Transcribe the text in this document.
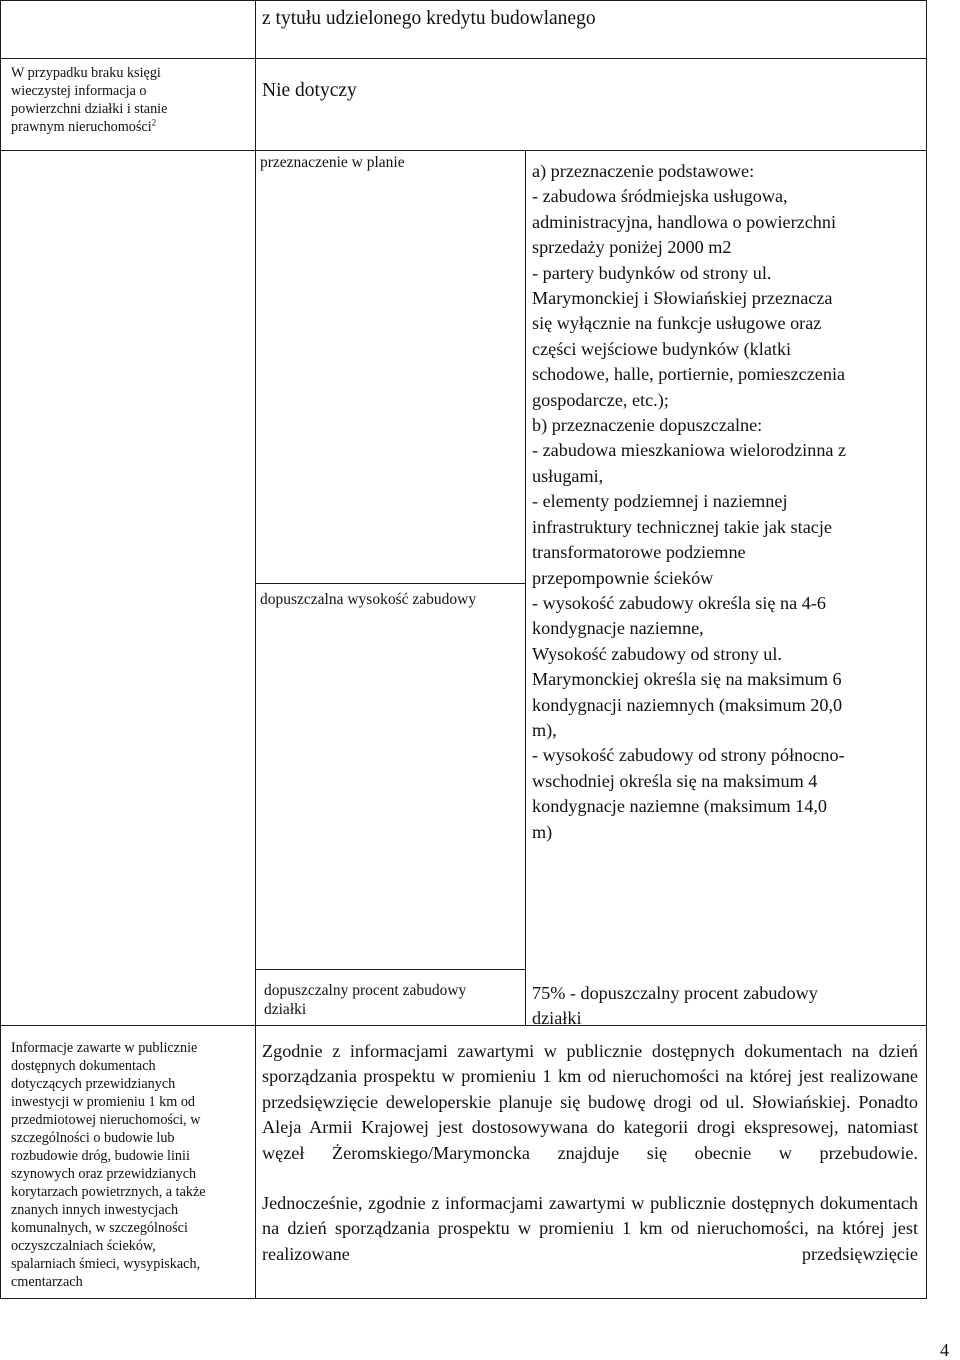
z tytułu udzielonego kredytu budowlanego
W przypadku braku księgi
wieczystej informacja o
powierzchni działki i stanie
prawnym nieruchomości$^2$
Nie dotyczy
przeznaczenie w planie	a) przeznaczenie podstawowe:
- zabudowa śródmiejska usługowa,
administracyjna, handlowa o powierzchni
sprzedaży poniżej 2000 m2
- partery budynków od strony ul.
Marymonckiej i Słowiańskiej przeznacza
się wyłącznie na funkcje usługowe oraz
części wejściowe budynków (klatki
schodowe, halle, portiernie, pomieszczenia
gospodarcze, etc.);
b) przeznaczenie dopuszczalne:
- zabudowa mieszkaniowa wielorodzinna z
usługami,
- elementy podziemnej i naziemnej
infrastruktury technicznej takie jak stacje
transformatorowe podziemne
przepompownie ścieków
dopuszczalna wysokość zabudowy	- wysokość zabudowy określa się na 4-6
kondygnacje naziemne,
Wysokość zabudowy od strony ul.
Marymonckiej określa się na maksimum 6
kondygnacji naziemnych (maksimum 20,0
m),
- wysokość zabudowy od strony północno-
wschodniej określa się na maksimum 4
kondygnacje naziemne (maksimum 14,0
m)
dopuszczalny procent zabudowy
działki
75% - dopuszczalny procent zabudowy
działki
Informacje zawarte w publicznie
dostępnych dokumentach
dotyczących przewidzianych
inwestycji w promieniu 1 km od
przedmiotowej nieruchomości, w
szczególności o budowie lub
rozbudowie dróg, budowie linii
szynowych oraz przewidzianych
korytarzach powietrznych, a także
znanych innych inwestycjach
komunalnych, w szczególności
oczyszczalniach ścieków,
spalarniach śmieci, wysypiskach,
cmentarzach
Zgodnie z informacjami zawartymi w publicznie dostępnych dokumentach na dzień sporządzania prospektu w promieniu 1 km od nieruchomości na której jest realizowane przedsięwzięcie deweloperskie planuje się budowę drogi od ul. Słowiańskiej. Ponadto Aleja Armii Krajowej jest dostosowywana do kategorii drogi ekspresowej, natomiast węzeł Żeromskiego/Marymoncka znajduje się obecnie w przebudowie.
Jednocześnie, zgodnie z informacjami zawartymi w publicznie dostępnych dokumentach na dzień sporządzania prospektu w promieniu 1 km od nieruchomości, na której jest realizowane przedsięwzięcie
4
